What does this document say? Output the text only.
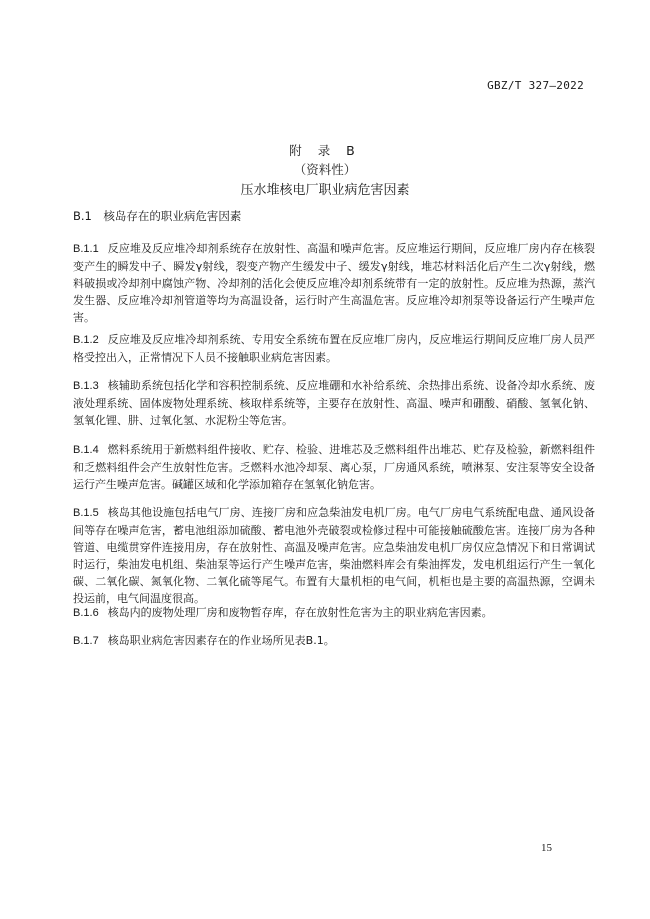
GBZ/T 327—2022
附 录 B
（资料性）
压水堆核电厂职业病危害因素
B.1　核岛存在的职业病危害因素
B.1.1 反应堆及反应堆冷却剂系统存在放射性、高温和噪声危害。反应堆运行期间，反应堆厂房内存在核裂变产生的瞬发中子、瞬发γ射线，裂变产物产生缓发中子、缓发γ射线，堆芯材料活化后产生二次γ射线，燃料破损或冷却剂中腐蚀产物、冷却剂的活化会使反应堆冷却剂系统带有一定的放射性。反应堆为热源，蒸汽发生器、反应堆冷却剂管道等均为高温设备，运行时产生高温危害。反应堆冷却剂泵等设备运行产生噪声危害。
B.1.2 反应堆及反应堆冷却剂系统、专用安全系统布置在反应堆厂房内，反应堆运行期间反应堆厂房人员严格受控出入，正常情况下人员不接触职业病危害因素。
B.1.3 核辅助系统包括化学和容积控制系统、反应堆硼和水补给系统、余热排出系统、设备冷却水系统、废液处理系统、固体废物处理系统、核取样系统等，主要存在放射性、高温、噪声和硼酸、硝酸、氢氧化钠、氢氧化锂、肼、过氧化氢、水泥粉尘等危害。
B.1.4 燃料系统用于新燃料组件接收、贮存、检验、进堆芯及乏燃料组件出堆芯、贮存及检验，新燃料组件和乏燃料组件会产生放射性危害。乏燃料水池冷却泵、离心泵，厂房通风系统，喷淋泵、安注泵等安全设备运行产生噪声危害。碱罐区域和化学添加箱存在氢氧化钠危害。
B.1.5 核岛其他设施包括电气厂房、连接厂房和应急柴油发电机厂房。电气厂房电气系统配电盘、通风设备间等存在噪声危害，蓄电池组添加硫酸、蓄电池外壳破裂或检修过程中可能接触硫酸危害。连接厂房为各种管道、电缆贯穿件连接用房，存在放射性、高温及噪声危害。应急柴油发电机厂房仅应急情况下和日常调试时运行，柴油发电机组、柴油泵等运行产生噪声危害，柴油燃料库会有柴油挥发，发电机组运行产生一氧化碳、二氧化碳、氮氧化物、二氧化硫等尾气。布置有大量机柜的电气间，机柜也是主要的高温热源，空调未投运前，电气间温度很高。
B.1.6 核岛内的废物处理厂房和废物暂存库，存在放射性危害为主的职业病危害因素。
B.1.7 核岛职业病危害因素存在的作业场所见表B.1。
15
